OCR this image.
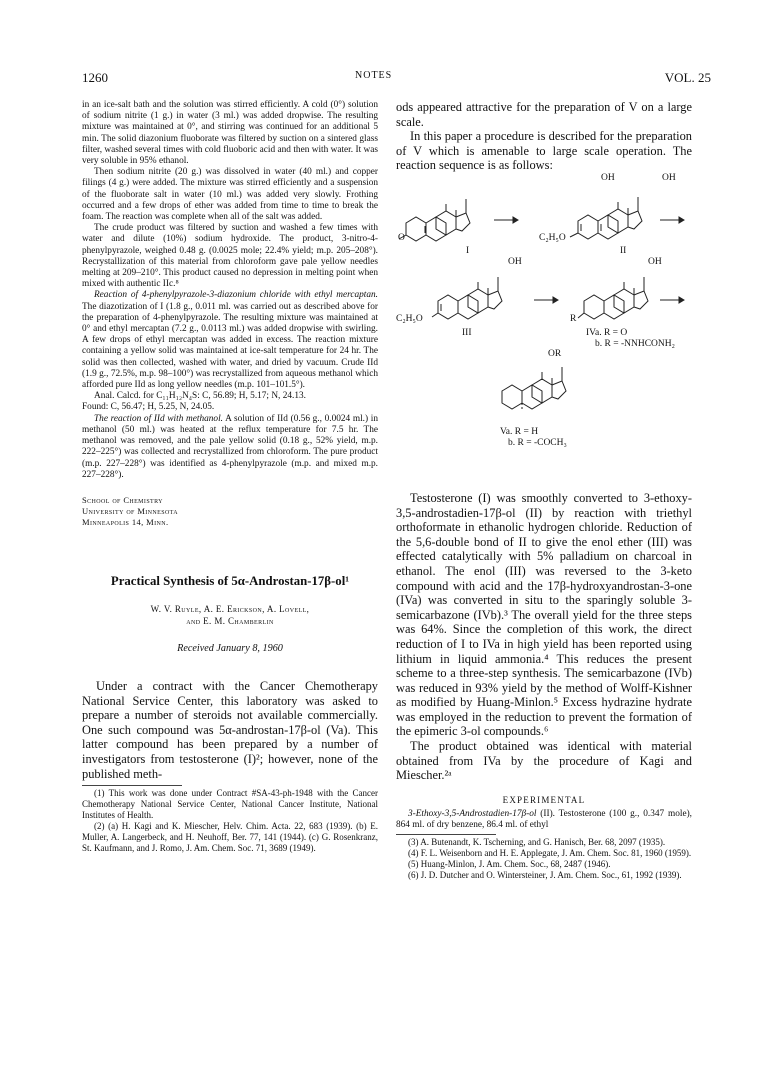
1260	NOTES	VOL. 25
in an ice-salt bath and the solution was stirred efficiently. A cold (0°) solution of sodium nitrite (1 g.) in water (3 ml.) was added dropwise. The resulting mixture was maintained at 0°, and stirring was continued for an additional 5 min. The solid diazonium fluoborate was filtered by suction on a sintered glass filter, washed several times with cold fluoboric acid and then with water. It was very soluble in 95% ethanol.

Then sodium nitrite (20 g.) was dissolved in water (40 ml.) and copper filings (4 g.) were added. The mixture was stirred efficiently and a suspension of the fluoborate salt in water (10 ml.) was added very slowly. Frothing occurred and a few drops of ether was added from time to time to break the foam. The reaction was complete when all of the salt was added.

The crude product was filtered by suction and washed a few times with water and dilute (10%) sodium hydroxide. The product, 3-nitro-4-phenylpyrazole, weighed 0.48 g. (0.0025 mole; 22.4% yield; m.p. 205–208°). Recrystallization of this material from chloroform gave pale yellow needles melting at 209–210°. This product caused no depression in melting point when mixed with authentic IIc.⁸

Reaction of 4-phenylpyrazole-3-diazonium chloride with ethyl mercaptan. The diazotization of I (1.8 g., 0.011 ml. was carried out as described above for the preparation of 4-phenylpyrazole. The resulting mixture was maintained at 0° and ethyl mercaptan (7.2 g., 0.0113 ml.) was added dropwise with swirling. A few drops of ethyl mercaptan was added in excess. The reaction mixture containing a yellow solid was maintained at ice-salt temperature for 24 hr. The solid was then collected, washed with water, and dried by vacuum. Crude IId (1.9 g., 72.5%, m.p. 98–100°) was recrystallized from aqueous methanol which afforded pure IId as long yellow needles (m.p. 101–101.5°).

Anal. Calcd. for C₁₁H₁₂N₄S: C, 56.89; H, 5.17; N, 24.13.

Found: C, 56.47; H, 5.25, N, 24.05.

The reaction of IId with methanol. A solution of IId (0.56 g., 0.0024 ml.) in methanol (50 ml.) was heated at the reflux temperature for 7.5 hr. The methanol was removed, and the pale yellow solid (0.18 g., 52% yield, m.p. 222–225°) was collected and recrystallized from chloroform. The pure product (m.p. 227–228°) was identified as 4-phenylpyrazole (m.p. and mixed m.p. 227–228°).

School of Chemistry
University of Minnesota
Minneapolis 14, Minn.
Practical Synthesis of 5α-Androstan-17β-ol¹
W. V. Ruyle, A. E. Erickson, A. Lovell,
and E. M. Chamberlin
Received January 8, 1960

Under a contract with the Cancer Chemotherapy National Service Center, this laboratory was asked to prepare a number of steroids not available commercially. One such compound was 5α-androstan-17β-ol (Va). This latter compound has been prepared by a number of investigators from testosterone (I)²; however, none of the published meth-

(1) This work was done under Contract #SA-43-ph-1948 with the Cancer Chemotherapy National Service Center, National Cancer Institute, National Institutes of Health.

(2) (a) H. Kagi and K. Miescher, Helv. Chim. Acta. 22, 683 (1939). (b) E. Muller, A. Langerbeck, and H. Neuhoff, Ber. 77, 141 (1944). (c) G. Rosenkranz, St. Kaufmann, and J. Romo, J. Am. Chem. Soc. 71, 3689 (1949).

ods appeared attractive for the preparation of V on a large scale.

In this paper a procedure is described for the preparation of V which is amenable to large scale operation. The reaction sequence is as follows:

OH	OH
O	C₂H₅O
I	II
OH	OH
C₂H₅O	R
III	IVa. R = O
b. R = -NNHCONH₂
OR
Va. R = H
b. R = -COCH₃

Testosterone (I) was smoothly converted to 3-ethoxy-3,5-androstadien-17β-ol (II) by reaction with triethyl orthoformate in ethanolic hydrogen chloride. Reduction of the 5,6-double bond of II to give the enol ether (III) was effected catalytically with 5% palladium on charcoal in ethanol. The enol (III) was reversed to the 3-keto compound with acid and the 17β-hydroxyandrostan-3-one (IVa) was converted in situ to the sparingly soluble 3-semicarbazone (IVb).³ The overall yield for the three steps was 64%. Since the completion of this work, the direct reduction of I to IVa in high yield has been reported using lithium in liquid ammonia.⁴ This reduces the present scheme to a three-step synthesis. The semicarbazone (IVb) was reduced in 93% yield by the method of Wolff-Kishner as modified by Huang-Minlon.⁵ Excess hydrazine hydrate was employed in the reduction to prevent the formation of the epimeric 3-ol compounds.⁶

The product obtained was identical with material obtained from IVa by the procedure of Kagi and Miescher.²ᵃ

EXPERIMENTAL

3-Ethoxy-3,5-Androstadien-17β-ol (II). Testosterone (100 g., 0.347 mole), 864 ml. of dry benzene, 86.4 ml. of ethyl

(3) A. Butenandt, K. Tscherning, and G. Hanisch, Ber. 68, 2097 (1935).

(4) F. L. Weisenborn and H. E. Applegate, J. Am. Chem. Soc. 81, 1960 (1959).

(5) Huang-Minlon, J. Am. Chem. Soc., 68, 2487 (1946).

(6) J. D. Dutcher and O. Wintersteiner, J. Am. Chem. Soc., 61, 1992 (1939).
